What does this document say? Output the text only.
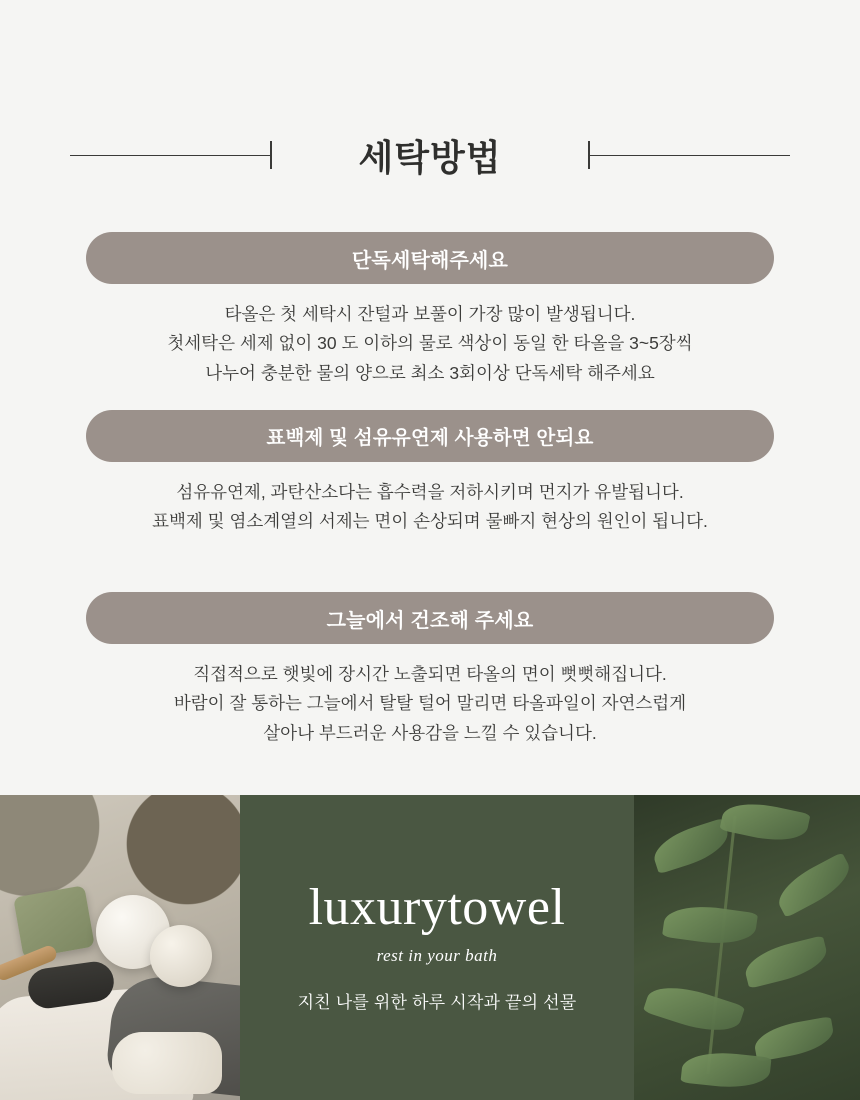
세탁방법
단독세탁해주세요
타올은 첫 세탁시 잔털과 보풀이 가장 많이 발생됩니다.
첫세탁은 세제 없이 30 도 이하의 물로 색상이 동일 한 타올을 3~5장씩
나누어 충분한 물의 양으로 최소 3회이상 단독세탁 해주세요
표백제 및 섬유유연제 사용하면 안되요
섬유유연제, 과탄산소다는 흡수력을 저하시키며 먼지가 유발됩니다.
표백제 및 염소계열의 서제는 면이 손상되며 물빠지 현상의 원인이 됩니다.
그늘에서 건조해 주세요
직접적으로 햇빛에 장시간 노출되면 타올의 면이 뻣뻣해집니다.
바람이 잘 통하는 그늘에서 탈탈 털어 말리면 타올파일이 자연스럽게
살아나 부드러운 사용감을 느낄 수 있습니다.
luxurytowel
rest in your bath
지친 나를 위한 하루 시작과 끝의 선물
